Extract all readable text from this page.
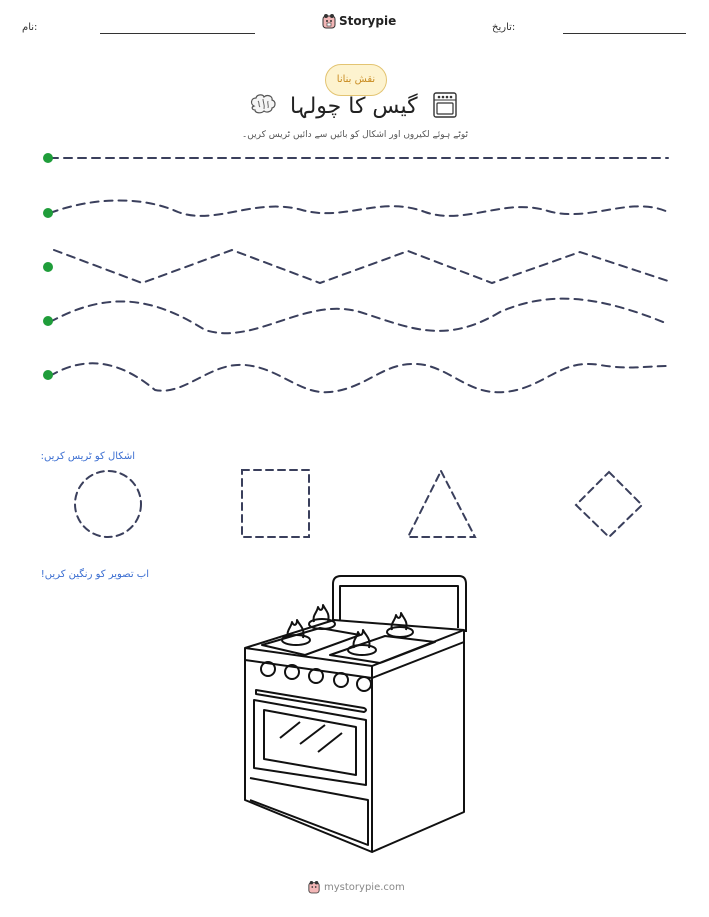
نام:	Storypie	تاریخ:
نقش بنانا
گیس کا چولہا
ٹوٹے ہوئے لکیروں اور اشکال کو بائیں سے دائیں ٹریس کریں۔
اشکال کو ٹریس کریں:
اب تصویر کو رنگین کریں!
mystorypie.com
